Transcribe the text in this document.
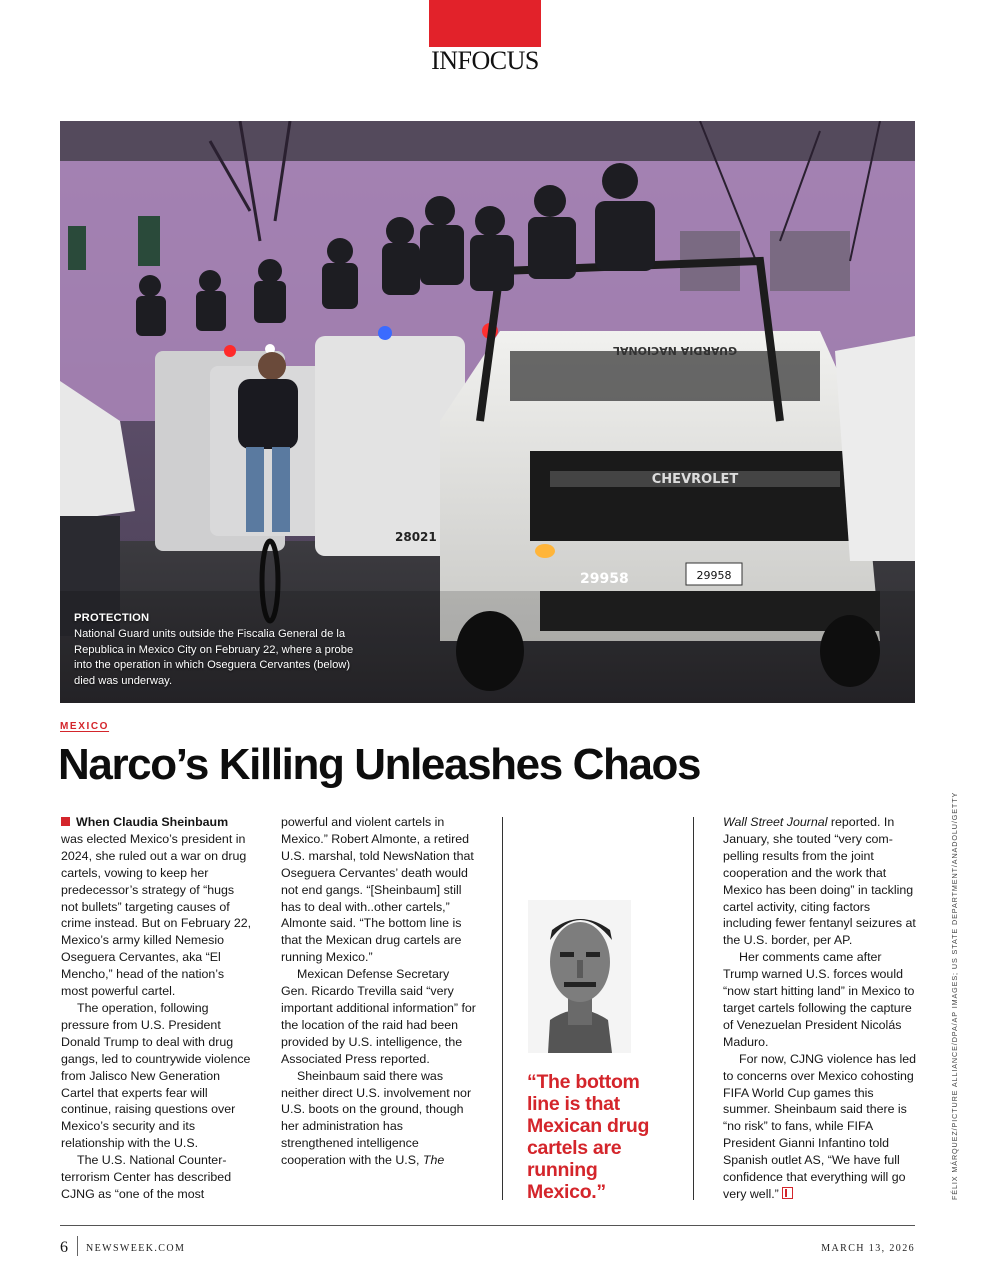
INFOCUS
29958
29958
28021
CHEVROLET
GUARDIA NACIONAL
PROTECTION
National Guard units outside the Fiscalia General de la Republica in Mexico City on February 22, where a probe into the operation in which Oseguera Cervantes (below) died was underway.
MEXICO
Narco’s Killing Unleashes Chaos

When Claudia Sheinbaum was elected Mexico’s president in 2024, she ruled out a war on drug cartels, vowing to keep her predecessor’s strategy of “hugs not bullets” targeting causes of crime instead. But on February 22, Mexico’s army killed Nemesio Oseguera Cervantes, aka “El Mencho,” head of the nation’s most powerful cartel.

The operation, following pressure from U.S. President Donald Trump to deal with drug gangs, led to countrywide violence from Jalisco New Generation Cartel that experts fear will continue, raising questions over Mexico’s security and its relationship with the U.S.

The U.S. National Counterterrorism Center has described CJNG as “one of the most

powerful and violent cartels in Mexico.” Robert Almonte, a retired U.S. marshal, told NewsNation that Oseguera Cervantes’ death would not end gangs. “[Sheinbaum] still has to deal with..other cartels,” Almonte said. “The bottom line is that the Mexican drug cartels are running Mexico.”

Mexican Defense Secretary Gen. Ricardo Trevilla said “very important additional information” for the location of the raid had been provided by U.S. intelligence, the Associated Press reported.

Sheinbaum said there was neither direct U.S. involvement nor U.S. boots on the ground, though her administration has strengthened intelligence cooperation with the U.S, The

“The bottom line is that Mexican drug cartels are running Mexico.”

Wall Street Journal reported. In January, she touted “very compelling results from the joint cooperation and the work that Mexico has been doing” in tackling cartel activity, citing factors including fewer fentanyl seizures at the U.S. border, per AP.

Her comments came after Trump warned U.S. forces would “now start hitting land” in Mexico to target cartels following the capture of Venezuelan President Nicolás Maduro.

For now, CJNG violence has led to concerns over Mexico cohosting FIFA World Cup games this summer. Sheinbaum said there is “no risk” to fans, while FIFA President Gianni Infantino told Spanish outlet AS, “We have full confidence that everything will go very well.”	FÉLIX MÁRQUEZ/PICTURE ALLIANCE/DPA/AP IMAGES; US STATE DEPARTMENT/ANADOLU/GETTY
6 NEWSWEEK.COM	MARCH 13, 2026
